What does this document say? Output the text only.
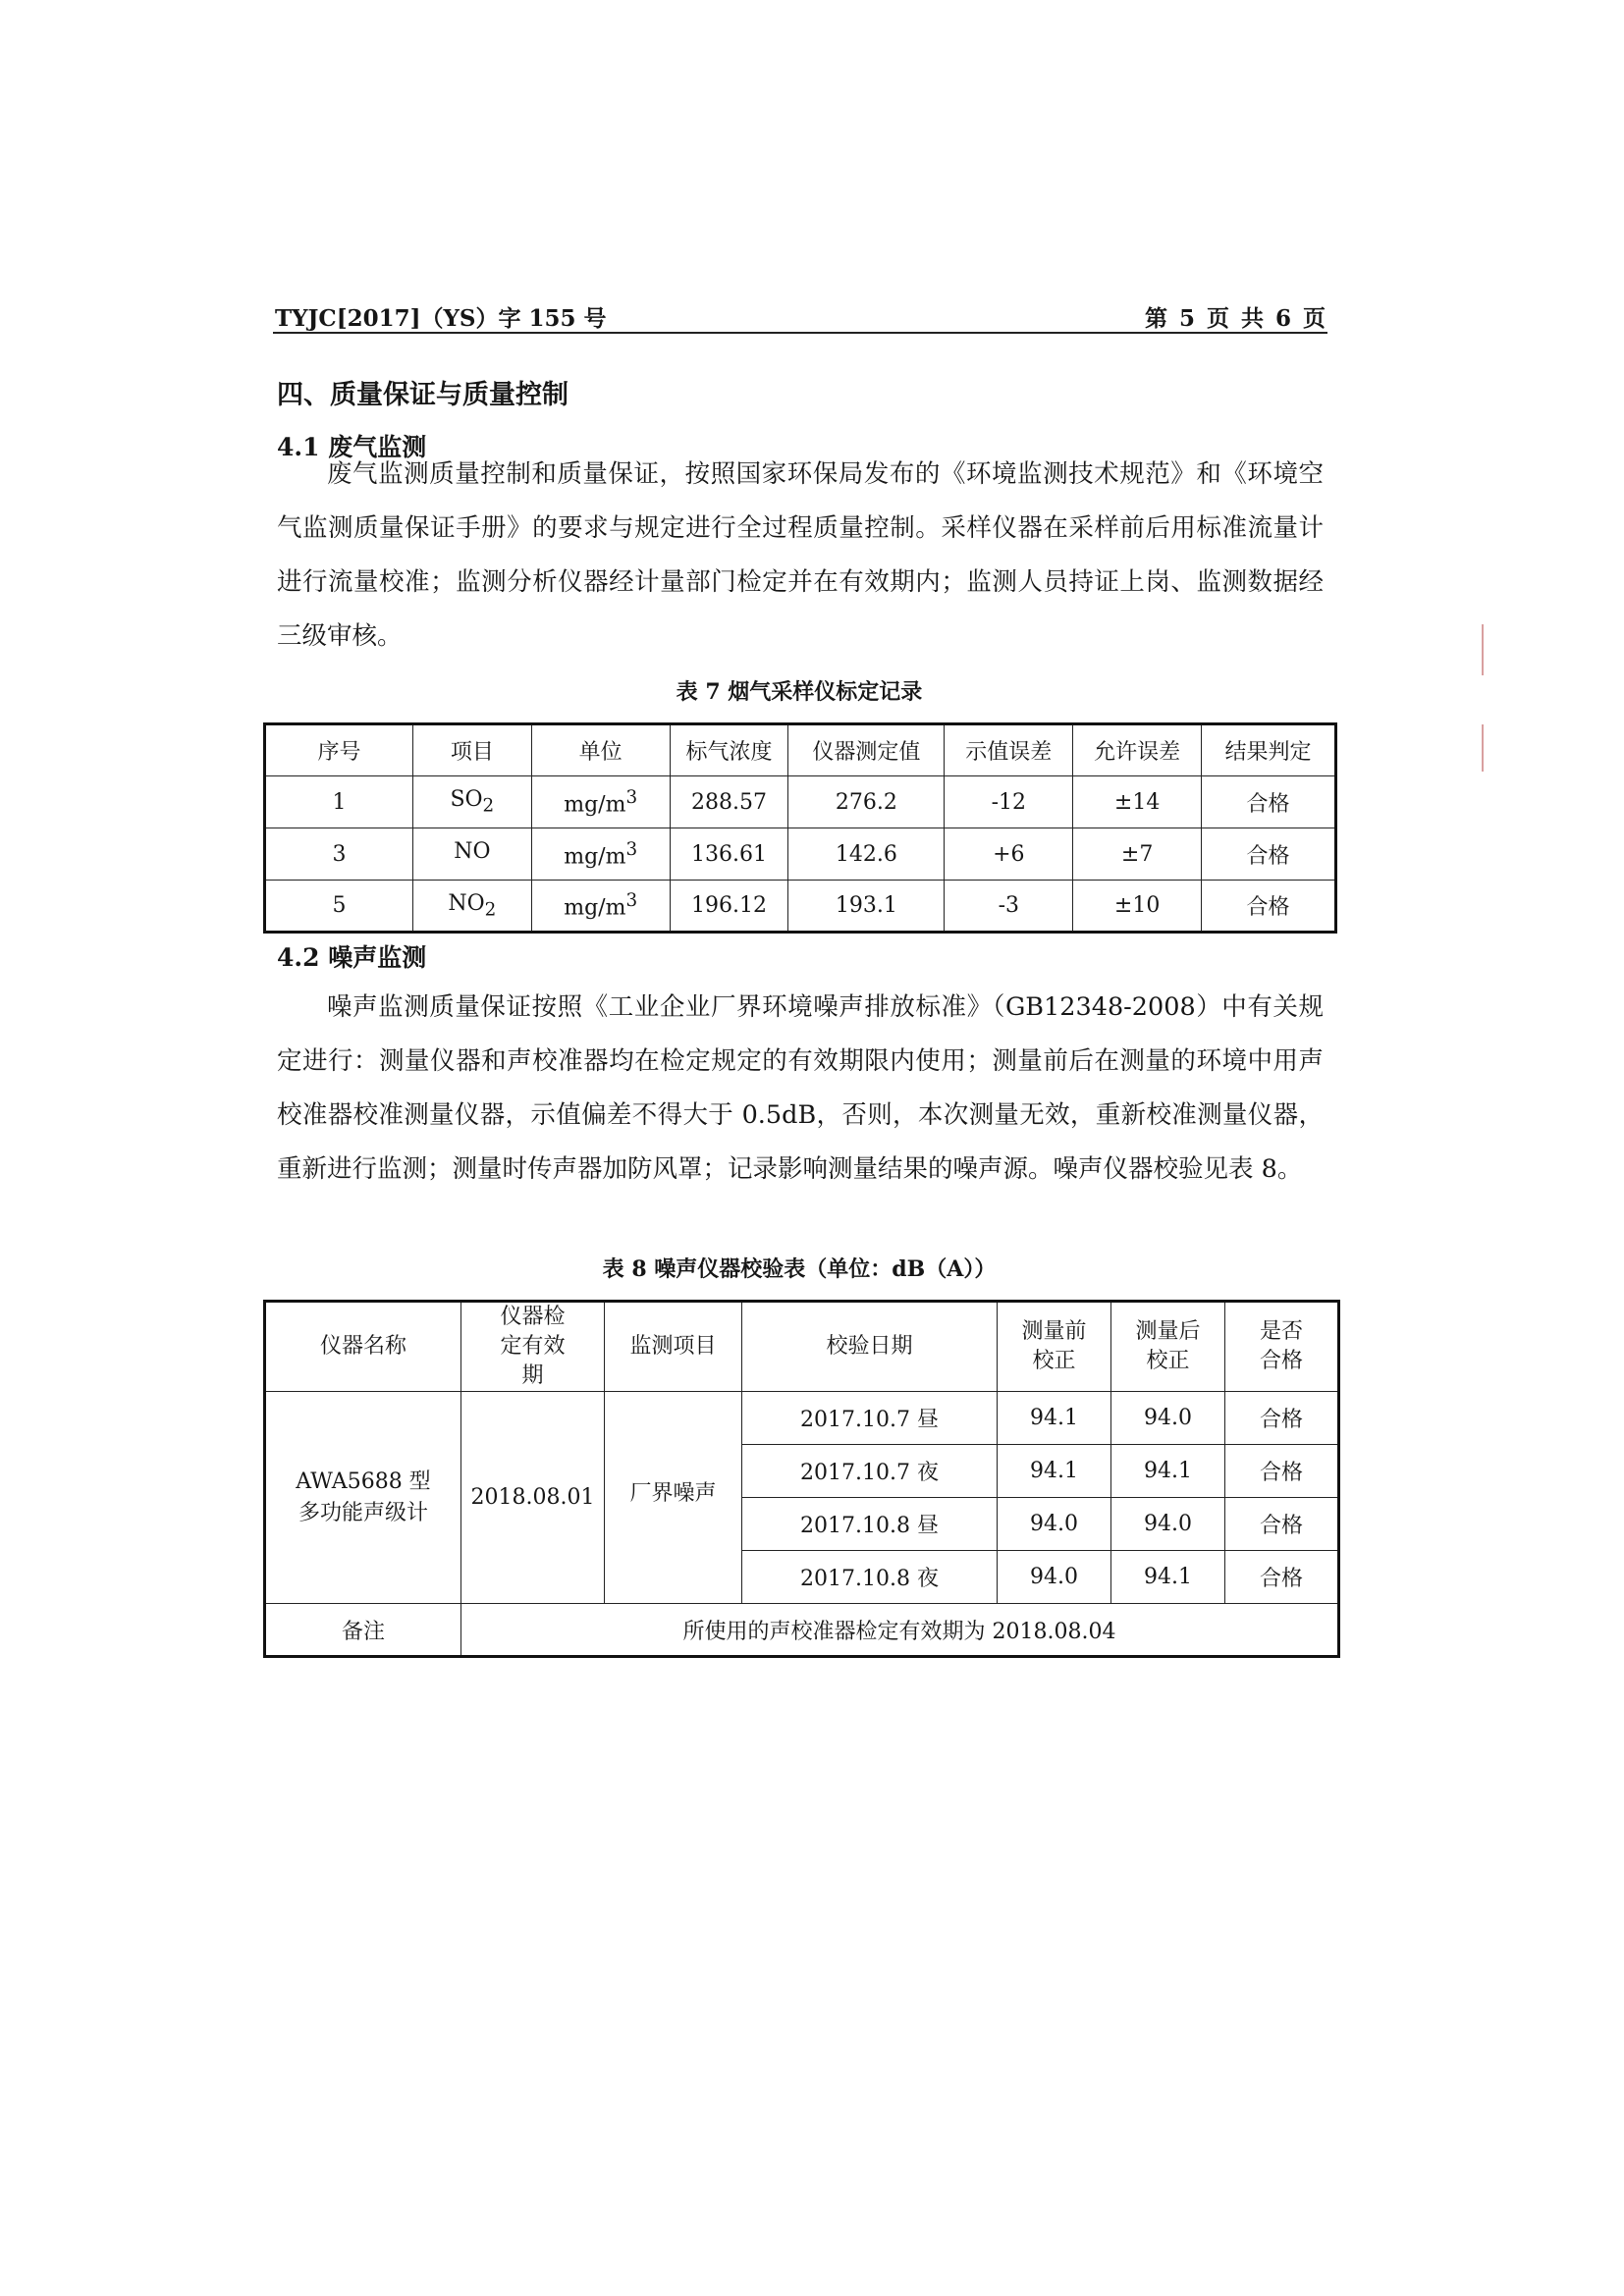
TYJC[2017]（YS）字 155 号	第 5 页 共 6 页
四、质量保证与质量控制
4.1 废气监测

废气监测质量控制和质量保证，按照国家环保局发布的《环境监测技术规范》和《环境空气监测质量保证手册》的要求与规定进行全过程质量控制。采样仪器在采样前后用标准流量计进行流量校准；监测分析仪器经计量部门检定并在有效期内；监测人员持证上岗、监测数据经三级审核。

表 7 烟气采样仪标定记录
序号	项目	单位	标气浓度	仪器测定值	示值误差	允许误差	结果判定
1	$SO_2$	$mg/m^3$	288.57	276.2	-12	±14	合格
3	NO	$mg/m^3$	136.61	142.6	+6	±7	合格
5	$NO_2$	$mg/m^3$	196.12	193.1	-3	±10	合格
4.2 噪声监测

噪声监测质量保证按照《工业企业厂界环境噪声排放标准》（GB12348-2008）中有关规定进行：测量仪器和声校准器均在检定规定的有效期限内使用；测量前后在测量的环境中用声校准器校准测量仪器，示值偏差不得大于 0.5dB，否则，本次测量无效，重新校准测量仪器，重新进行监测；测量时传声器加防风罩；记录影响测量结果的噪声源。噪声仪器校验见表 8。

表 8 噪声仪器校验表（单位：dB（A））
仪器名称	仪器检定有效期	监测项目	校验日期	测量前校正	测量后校正	是否合格
AWA5688 型多功能声级计	2018.08.01	厂界噪声	2017.10.7 昼	94.1	94.0	合格
			2017.10.7 夜	94.1	94.1	合格
			2017.10.8 昼	94.0	94.0	合格
			2017.10.8 夜	94.0	94.1	合格
备注	所使用的声校准器检定有效期为 2018.08.04					
